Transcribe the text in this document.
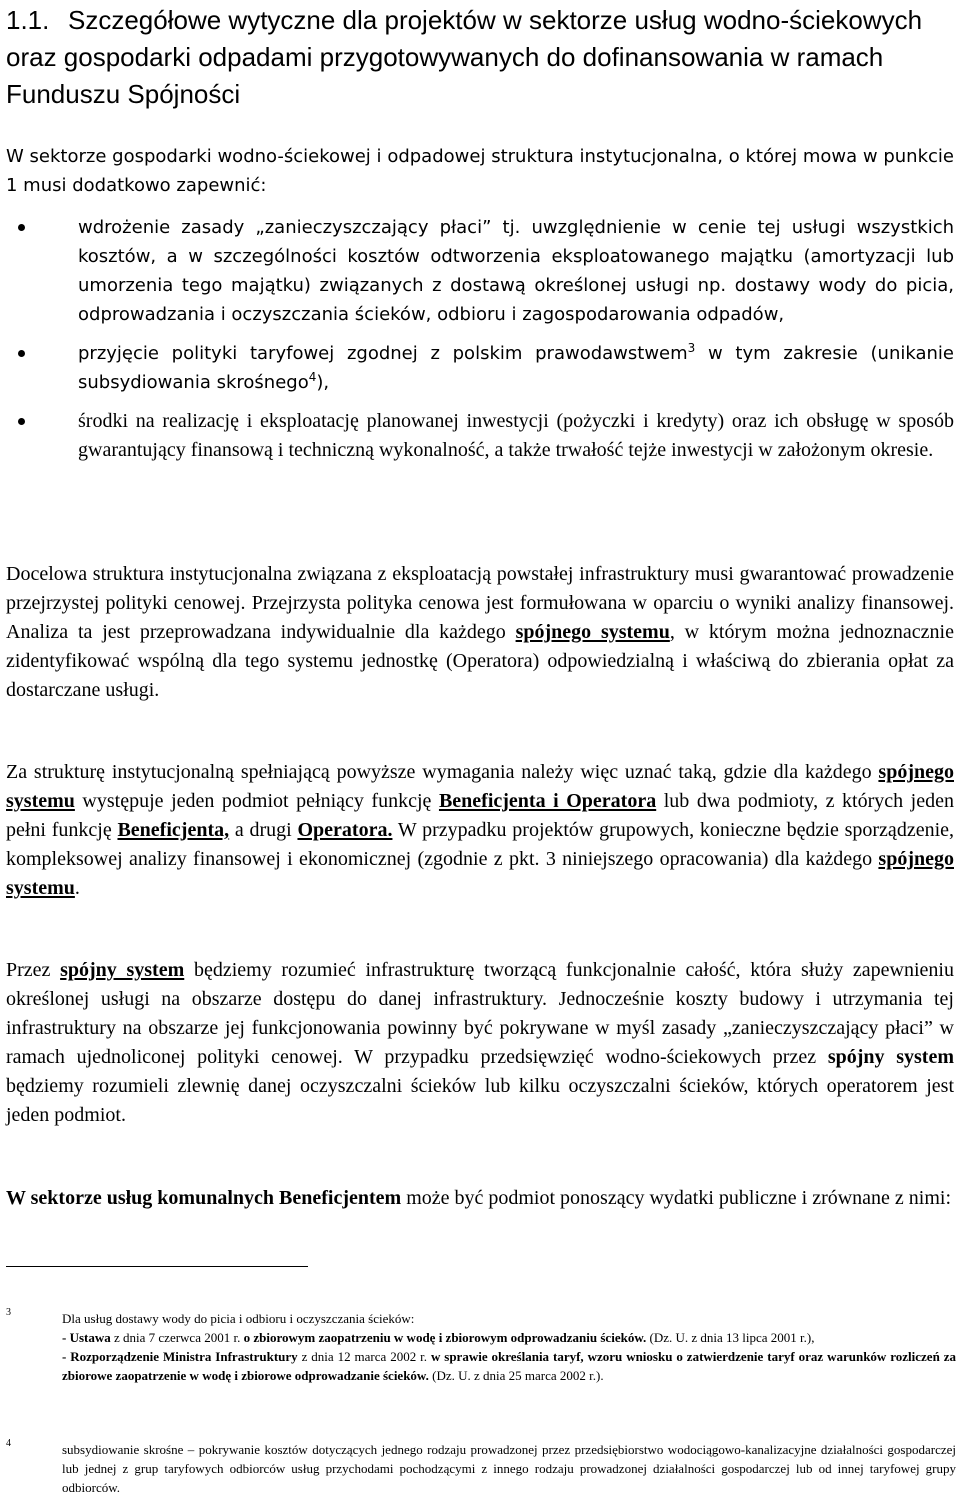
1.1. Szczegółowe wytyczne dla projektów w sektorze usług wodno-ściekowych oraz gospodarki odpadami przygotowywanych do dofinansowania w ramach Funduszu Spójności

W sektorze gospodarki wodno-ściekowej i odpadowej struktura instytucjonalna, o której mowa w punkcie 1 musi dodatkowo zapewnić:

wdrożenie zasady „zanieczyszczający płaci” tj. uwzględnienie w cenie tej usługi wszystkich kosztów, a w szczególności kosztów odtworzenia eksploatowanego majątku (amortyzacji lub umorzenia tego majątku) związanych z dostawą określonej usługi np. dostawy wody do picia, odprowadzania i oczyszczania ścieków, odbioru i zagospodarowania odpadów,
przyjęcie polityki taryfowej zgodnej z polskim prawodawstwem$^3$ w tym zakresie (unikanie subsydiowania skrośnego$^4$),
środki na realizację i eksploatację planowanej inwestycji (pożyczki i kredyty) oraz ich obsługę w sposób gwarantujący finansową i techniczną wykonalność, a także trwałość tejże inwestycji w założonym okresie.

Docelowa struktura instytucjonalna związana z eksploatacją powstałej infrastruktury musi gwarantować prowadzenie przejrzystej polityki cenowej. Przejrzysta polityka cenowa jest formułowana w oparciu o wyniki analizy finansowej. Analiza ta jest przeprowadzana indywidualnie dla każdego spójnego systemu, w którym można jednoznacznie zidentyfikować wspólną dla tego systemu jednostkę (Operatora) odpowiedzialną i właściwą do zbierania opłat za dostarczane usługi.

Za strukturę instytucjonalną spełniającą powyższe wymagania należy więc uznać taką, gdzie dla każdego spójnego systemu występuje jeden podmiot pełniący funkcję Beneficjenta i Operatora lub dwa podmioty, z których jeden pełni funkcję Beneficjenta, a drugi Operatora. W przypadku projektów grupowych, konieczne będzie sporządzenie, kompleksowej analizy finansowej i ekonomicznej (zgodnie z pkt. 3 niniejszego opracowania) dla każdego spójnego systemu.

Przez spójny system będziemy rozumieć infrastrukturę tworzącą funkcjonalnie całość, która służy zapewnieniu określonej usługi na obszarze dostępu do danej infrastruktury. Jednocześnie koszty budowy i utrzymania tej infrastruktury na obszarze jej funkcjonowania powinny być pokrywane w myśl zasady „zanieczyszczający płaci” w ramach ujednoliconej polityki cenowej. W przypadku przedsięwzięć wodno-ściekowych przez spójny system będziemy rozumieli zlewnię danej oczyszczalni ścieków lub kilku oczyszczalni ścieków, których operatorem jest jeden podmiot.

W sektorze usług komunalnych Beneficjentem może być podmiot ponoszący wydatki publiczne i zrównane z nimi:

3	Dla usług dostawy wody do picia i odbioru i oczyszczania ścieków:
- Ustawa z dnia 7 czerwca 2001 r. o zbiorowym zaopatrzeniu w wodę i zbiorowym odprowadzaniu ścieków. (Dz. U. z dnia 13 lipca 2001 r.),
- Rozporządzenie Ministra Infrastruktury z dnia 12 marca 2002 r. w sprawie określania taryf, wzoru wniosku o zatwierdzenie taryf oraz warunków rozliczeń za zbiorowe zaopatrzenie w wodę i zbiorowe odprowadzanie ścieków. (Dz. U. z dnia 25 marca 2002 r.).
4	subsydiowanie skrośne – pokrywanie kosztów dotyczących jednego rodzaju prowadzonej przez przedsiębiorstwo wodociągowo-kanalizacyjne działalności gospodarczej lub jednej z grup taryfowych odbiorców usług przychodami pochodzącymi z innego rodzaju prowadzonej działalności gospodarczej lub od innej taryfowej grupy odbiorców.
